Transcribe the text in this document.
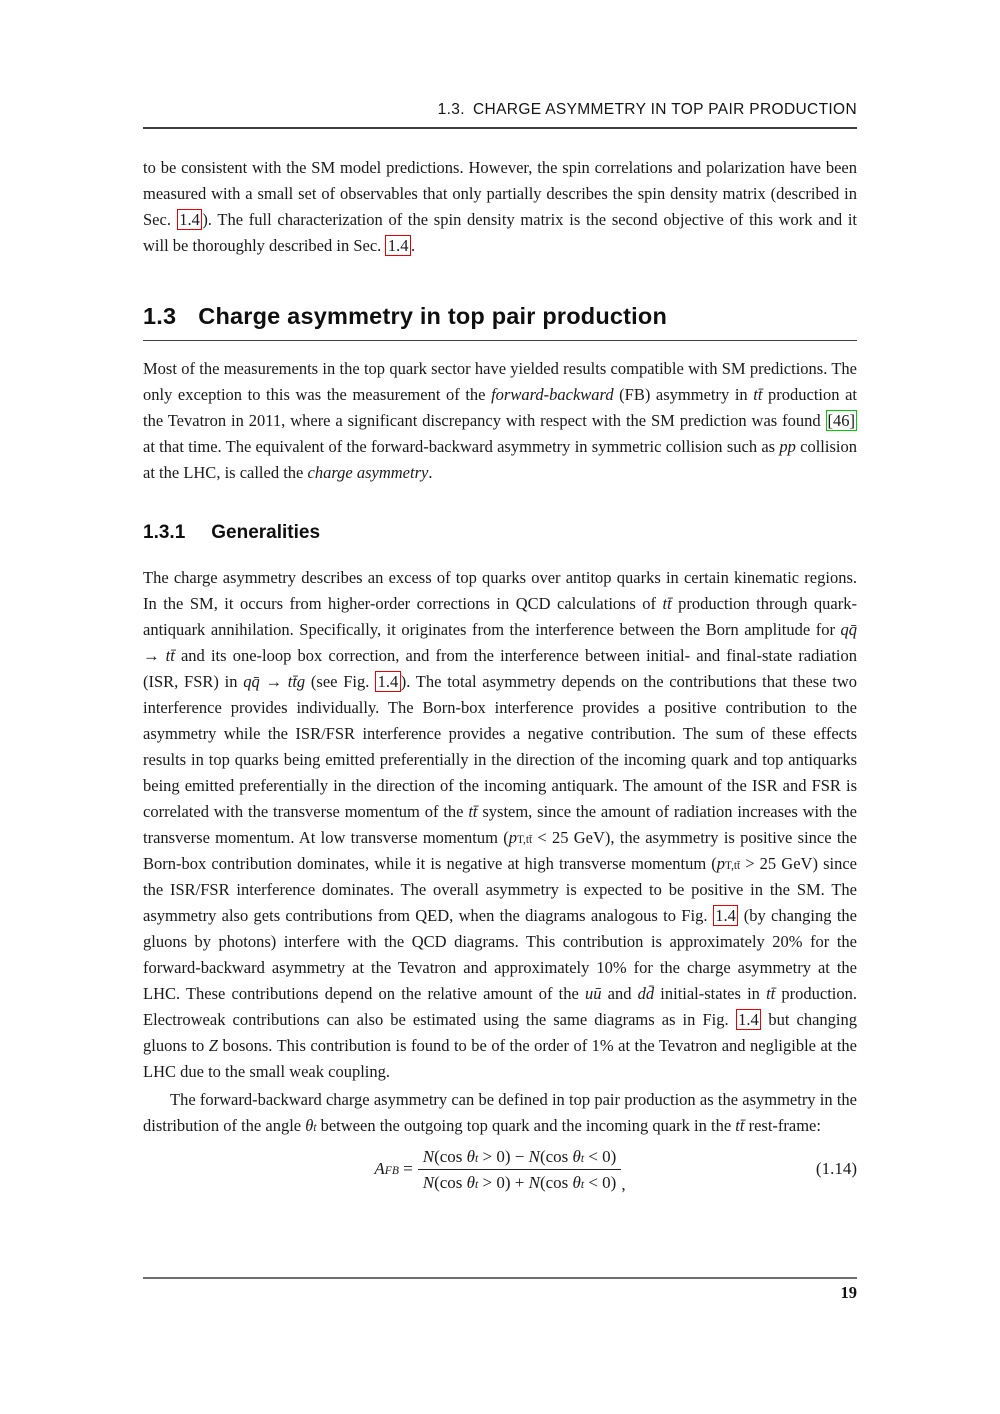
1.3. CHARGE ASYMMETRY IN TOP PAIR PRODUCTION

to be consistent with the SM model predictions. However, the spin correlations and polarization have been measured with a small set of observables that only partially describes the spin density matrix (described in Sec. 1.4 ). The full characterization of the spin density matrix is the second objective of this work and it will be thoroughly described in Sec. 1.4 .

1.3 Charge asymmetry in top pair production

Most of the measurements in the top quark sector have yielded results compatible with SM predictions. The only exception to this was the measurement of the forward-backward (FB) asymmetry in tt̄ production at the Tevatron in 2011, where a significant discrepancy with respect with the SM prediction was found [46] at that time. The equivalent of the forward-backward asymmetry in symmetric collision such as pp collision at the LHC, is called the charge asymmetry.

1.3.1 Generalities

The charge asymmetry describes an excess of top quarks over antitop quarks in certain kinematic regions. In the SM, it occurs from higher-order corrections in QCD calculations of tt̄ production through quark-antiquark annihilation. Specifically, it originates from the interference between the Born amplitude for qq̄ → tt̄ and its one-loop box correction, and from the interference between initial- and final-state radiation (ISR, FSR) in qq̄ → tt̄g (see Fig. 1.4 ). The total asymmetry depends on the contributions that these two interference provides individually. The Born-box interference provides a positive contribution to the asymmetry while the ISR/FSR interference provides a negative contribution. The sum of these effects results in top quarks being emitted preferentially in the direction of the incoming quark and top antiquarks being emitted preferentially in the direction of the incoming antiquark. The amount of the ISR and FSR is correlated with the transverse momentum of the tt̄ system, since the amount of radiation increases with the transverse momentum. At low transverse momentum (pT,tt̄ < 25 GeV), the asymmetry is positive since the Born-box contribution dominates, while it is negative at high transverse momentum (pT,tt̄ > 25 GeV) since the ISR/FSR interference dominates. The overall asymmetry is expected to be positive in the SM. The asymmetry also gets contributions from QED, when the diagrams analogous to Fig. 1.4 (by changing the gluons by photons) interfere with the QCD diagrams. This contribution is approximately 20% for the forward-backward asymmetry at the Tevatron and approximately 10% for the charge asymmetry at the LHC. These contributions depend on the relative amount of the uū and dd̄ initial-states in tt̄ production. Electroweak contributions can also be estimated using the same diagrams as in Fig. 1.4 but changing gluons to Z bosons. This contribution is found to be of the order of 1% at the Tevatron and negligible at the LHC due to the small weak coupling.

The forward-backward charge asymmetry can be defined in top pair production as the asymmetry in the distribution of the angle θt between the outgoing top quark and the incoming quark in the tt̄ rest-frame:

AFB = $\frac{\text{N(cos θt > 0) − N(cos θt < 0)}}{\text{N(cos θt > 0) + N(cos θt < 0)}}$ ,
(1.14)
19
